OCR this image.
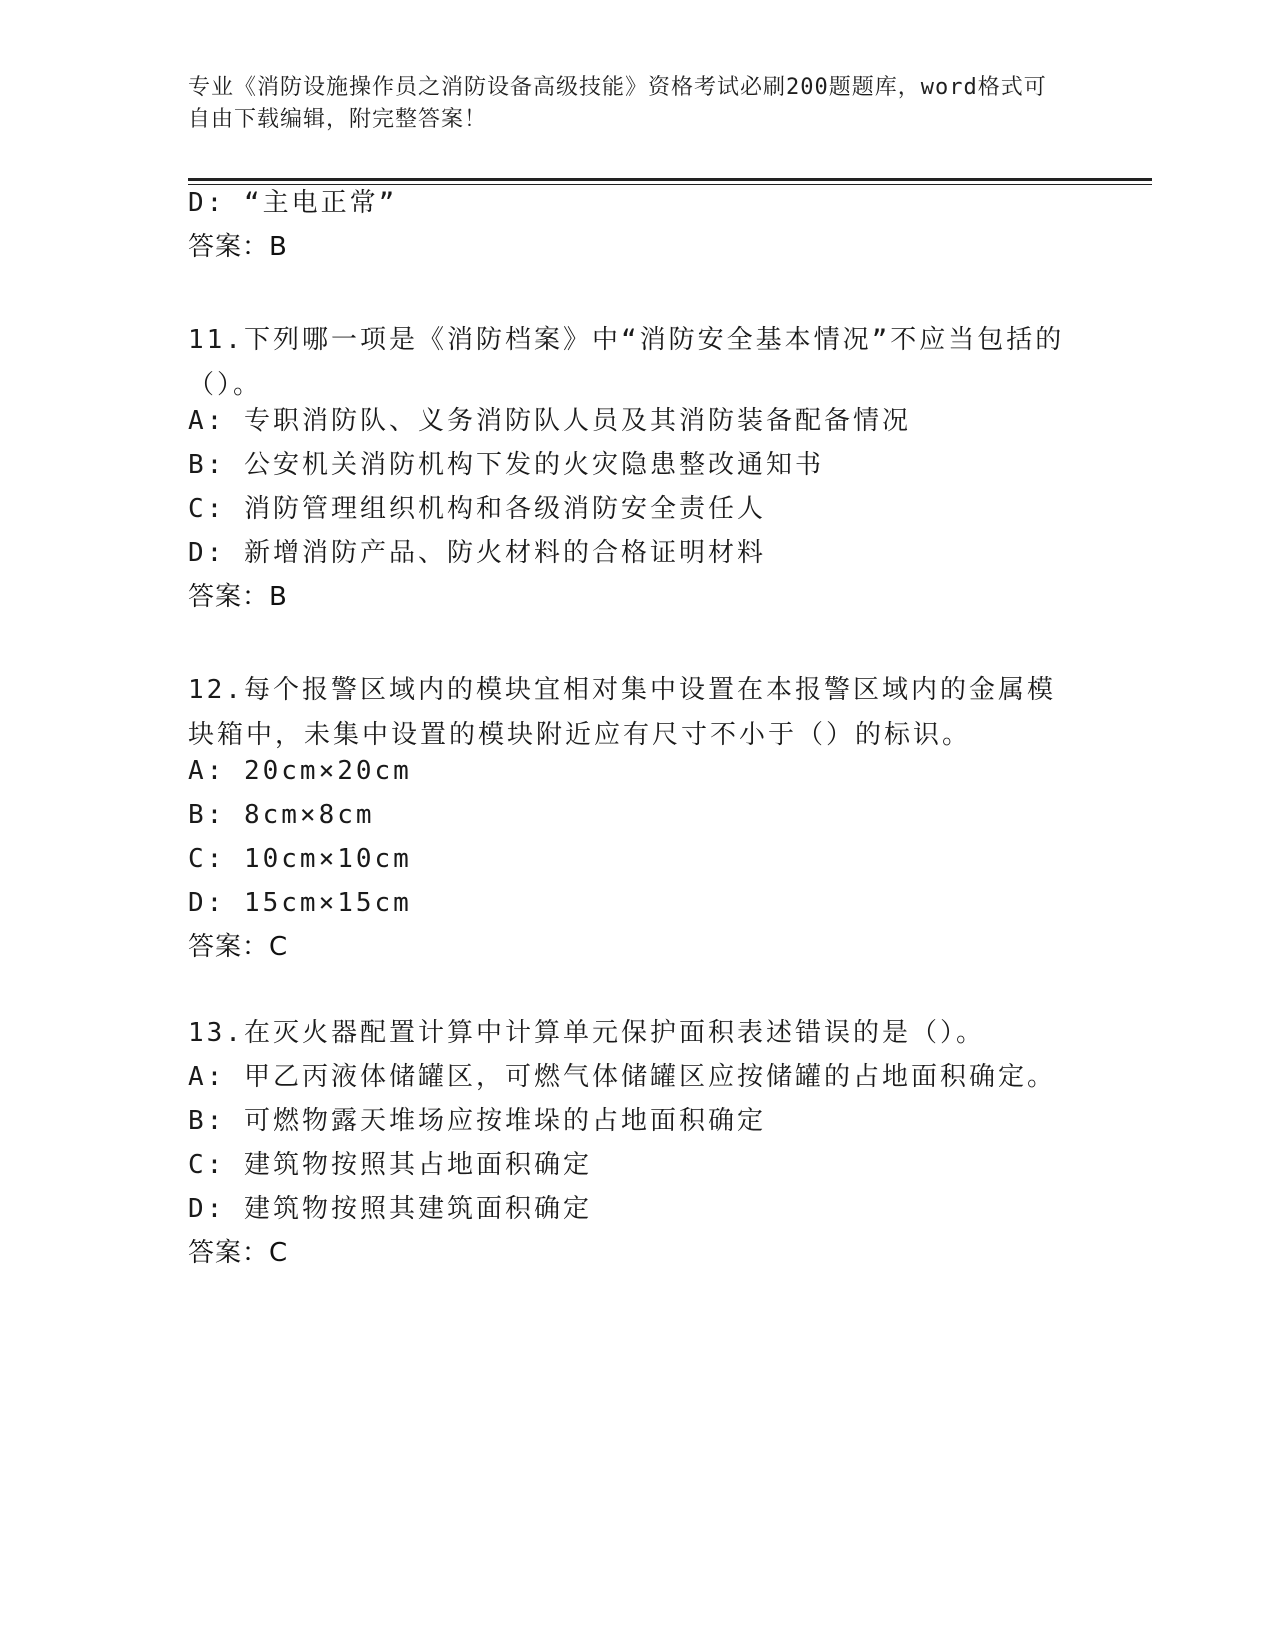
专业《消防设施操作员之消防设备高级技能》资格考试必刷200题题库，word格式可自由下载编辑，附完整答案！
D: “主电正常”
答案：B
11.下列哪一项是《消防档案》中“消防安全基本情况”不应当包括的（）。
A: 专职消防队、义务消防队人员及其消防装备配备情况
B: 公安机关消防机构下发的火灾隐患整改通知书
C: 消防管理组织机构和各级消防安全责任人
D: 新增消防产品、防火材料的合格证明材料
答案：B
12.每个报警区域内的模块宜相对集中设置在本报警区域内的金属模块箱中，未集中设置的模块附近应有尺寸不小于（）的标识。
A: 20cm×20cm
B: 8cm×8cm
C: 10cm×10cm
D: 15cm×15cm
答案：C
13.在灭火器配置计算中计算单元保护面积表述错误的是（）。
A: 甲乙丙液体储罐区，可燃气体储罐区应按储罐的占地面积确定。
B: 可燃物露天堆场应按堆垛的占地面积确定
C: 建筑物按照其占地面积确定
D: 建筑物按照其建筑面积确定
答案：C
